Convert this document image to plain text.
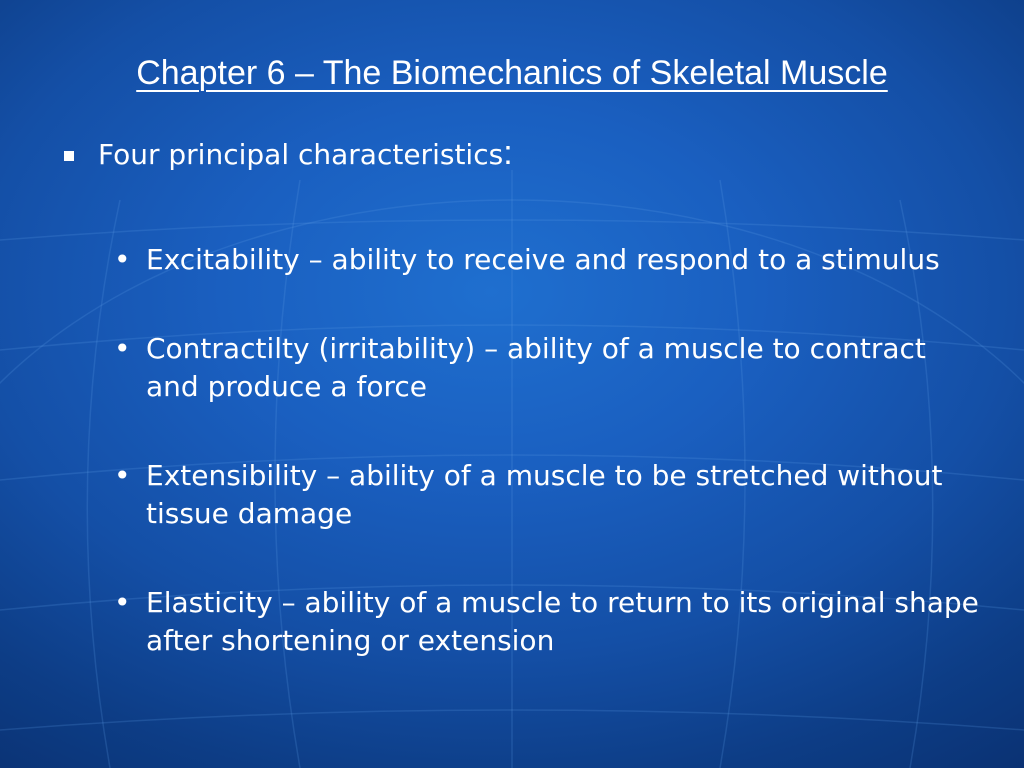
Chapter 6 – The Biomechanics of Skeletal Muscle
Four principal characteristics:
• Excitability – ability to receive and respond to a stimulus
• Contractilty (irritability) – ability of a muscle to contract and produce a force
• Extensibility – ability of a muscle to be stretched without tissue damage
• Elasticity – ability of a muscle to return to its original shape after shortening or extension
